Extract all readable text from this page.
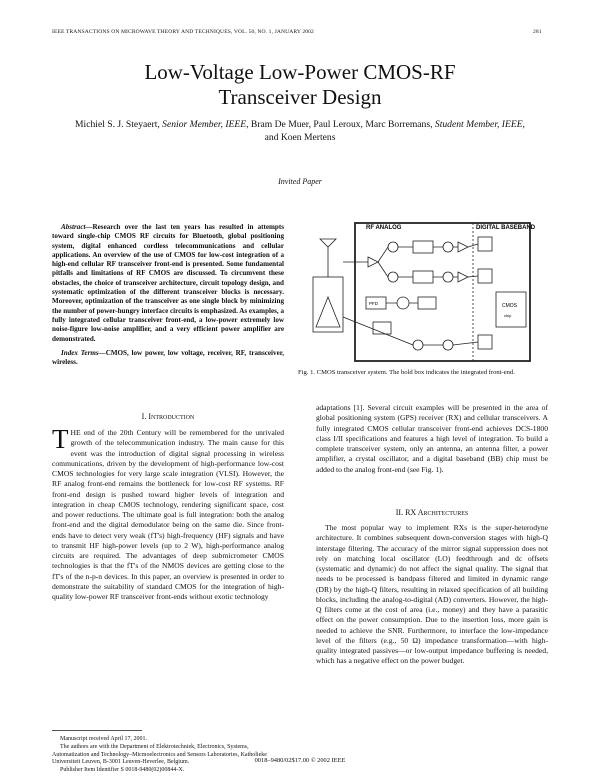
IEEE TRANSACTIONS ON MICROWAVE THEORY AND TECHNIQUES, VOL. 50, NO. 1, JANUARY 2002	281
Low-Voltage Low-Power CMOS-RF
Transceiver Design
Michiel S. J. Steyaert, Senior Member, IEEE, Bram De Muer, Paul Leroux, Marc Borremans, Student Member, IEEE,
and Koen Mertens
Invited Paper

Abstract—Research over the last ten years has resulted in attempts toward single-chip CMOS RF circuits for Bluetooth, global positioning system, digital enhanced cordless telecommunications and cellular applications. An overview of the use of CMOS for low-cost integration of a high-end cellular RF transceiver front-end is presented. Some fundamental pitfalls and limitations of RF CMOS are discussed. To circumvent these obstacles, the choice of transceiver architecture, circuit topology design, and systematic optimization of the different transceiver blocks is necessary. Moreover, optimization of the transceiver as one single block by minimizing the number of power-hungry interface circuits is emphasized. As examples, a fully integrated cellular transceiver front-end, a low-power extremely low noise-figure low-noise amplifier, and a very efficient power amplifier are demonstrated.

Index Terms—CMOS, low power, low voltage, receiver, RF, transceiver, wireless.

I. Introduction

THE end of the 20th Century will be remembered for the unrivaled growth of the telecommunication industry. The main cause for this event was the introduction of digital signal processing in wireless communications, driven by the development of high-performance low-cost CMOS technologies for very large scale integration (VLSI). However, the RF analog front-end remains the bottleneck for low-cost RF systems. RF front-end design is pushed toward higher levels of integration and integration in cheap CMOS technology, rendering significant space, cost and power reductions. The ultimate goal is full integration: both the analog front-end and the digital demodulator being on the same die. Since front-ends have to detect very weak (fT's) high-frequency (HF) signals and have to transmit HF high-power levels (up to 2 W), high-performance analog circuits are required. The advantages of deep submicrometer CMOS technologies is that the fT's of the NMOS devices are getting close to the fT's of the n-p-n devices. In this paper, an overview is presented in order to demonstrate the suitability of standard CMOS for the integration of high-quality low-power RF transceiver front-ends without exotic technology

Manuscript received April 17, 2001.
The authors are with the Department of Elektrotechniek, Electronics, Systems, Automatization and Technology–Micmoelectronics and Sensors Laboratories, Katholieke Universiteit Leuven, B-3001 Leuven-Heverlee, Belgium.
Publisher Item Identifier S 0018-9480(02)00844-X.

adaptations [1]. Several circuit examples will be presented in the area of global positioning system (GPS) receiver (RX) and cellular transceivers. A fully integrated CMOS cellular transceiver front-end achieves DCS-1800 class I/II specifications and features a high level of integration. To build a complete transceiver system, only an antenna, an antenna filter, a power amplifier, a crystal oscillator, and a digital baseband (BB) chip must be added to the analog front-end (see Fig. 1).

II. RX Architectures

The most popular way to implement RXs is the super-heterodyne architecture. It combines subsequent down-conversion stages with high-Q interstage filtering. The accuracy of the mirror signal suppression does not rely on matching local oscillator (LO) feedthrough and dc offsets (systematic and dynamic) do not affect the signal quality. The signal that needs to be processed is bandpass filtered and limited in dynamic range (DR) by the high-Q filters, resulting in relaxed specification of all building blocks, including the analog-to-digital (AD) converters. However, the high-Q filters come at the cost of area (i.e., money) and they have a parasitic effect on the power consumption. Due to the insertion loss, more gain is needed to achieve the SNR. Furthermore, to interface the low-impedance level of the filters (e.g., 50 Ω) impedance transformation—with high-quality integrated passives—or low-output impedance buffering is needed, which has a negative effect on the power budget.

RF ANALOG	DIGITAL BASEBAND
CMOS
chip
PFD

Fig. 1. CMOS transceiver system. The bold box indicates the integrated front-end.

0018–9480/02$17.00 © 2002 IEEE
